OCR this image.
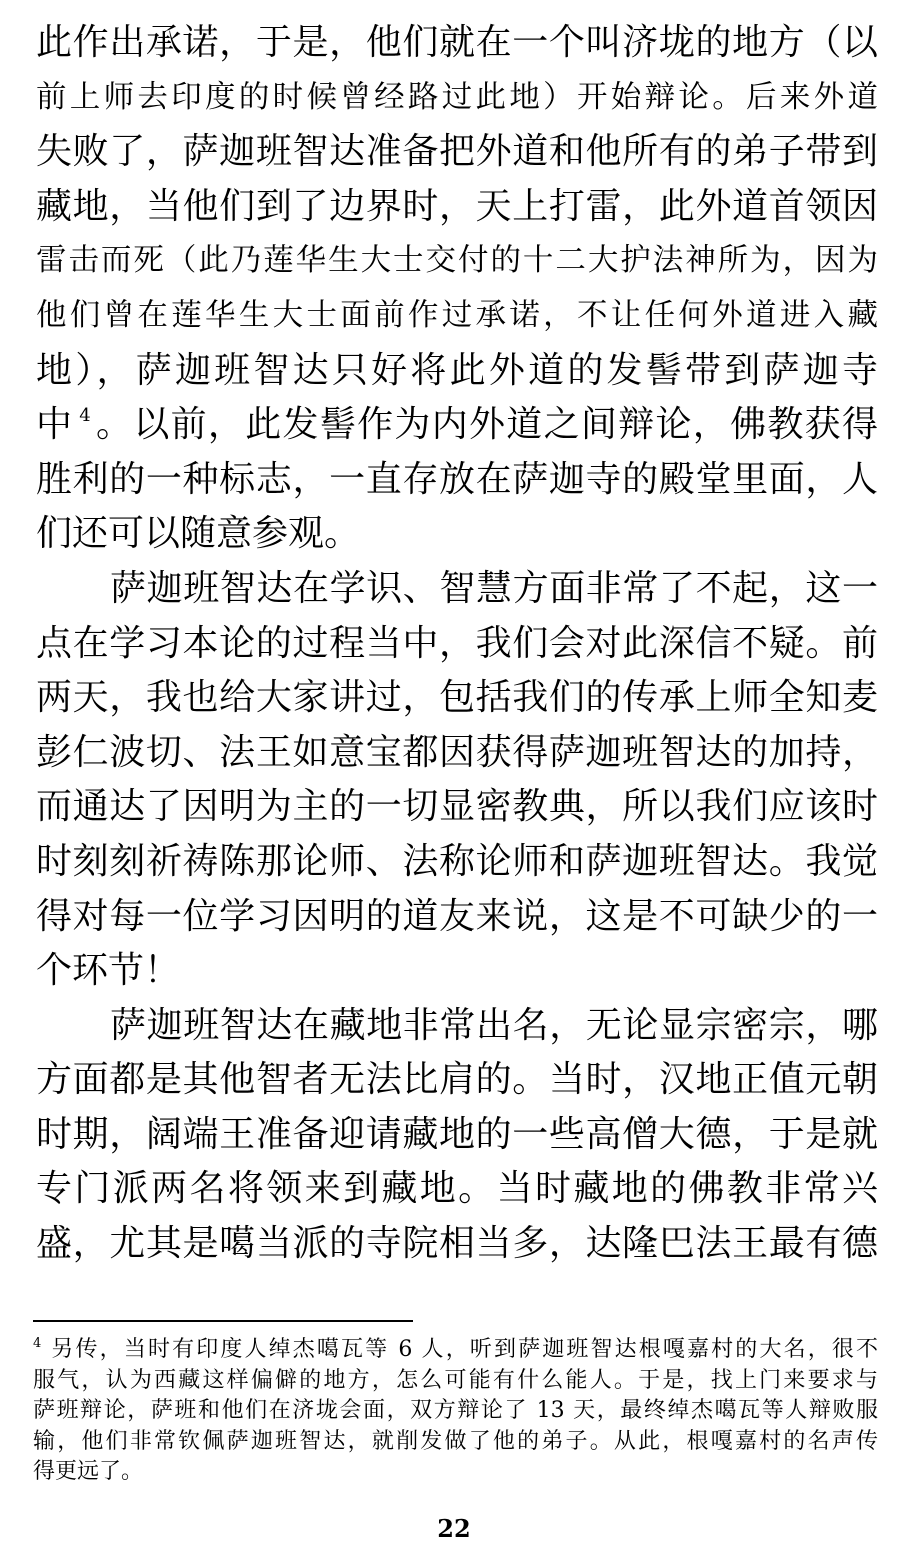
此作出承诺，于是，他们就在一个叫济垅的地方（以
前上师去印度的时候曾经路过此地）开始辩论。后来外道
失败了，萨迦班智达准备把外道和他所有的弟子带到
藏地，当他们到了边界时，天上打雷，此外道首领因
雷击而死（此乃莲华生大士交付的十二大护法神所为，因为
他们曾在莲华生大士面前作过承诺，不让任何外道进入藏
地），萨迦班智达只好将此外道的发髻带到萨迦寺
中 $^4$ 。以前，此发髻作为内外道之间辩论，佛教获得
胜利的一种标志，一直存放在萨迦寺的殿堂里面，人
们还可以随意参观。
萨迦班智达在学识、智慧方面非常了不起，这一
点在学习本论的过程当中，我们会对此深信不疑。前
两天，我也给大家讲过，包括我们的传承上师全知麦
彭仁波切、法王如意宝都因获得萨迦班智达的加持，
而通达了因明为主的一切显密教典，所以我们应该时
时刻刻祈祷陈那论师、法称论师和萨迦班智达。我觉
得对每一位学习因明的道友来说，这是不可缺少的一
个环节！
萨迦班智达在藏地非常出名，无论显宗密宗，哪
方面都是其他智者无法比肩的。当时，汉地正值元朝
时期，阔端王准备迎请藏地的一些高僧大德，于是就
专门派两名将领来到藏地。当时藏地的佛教非常兴
盛，尤其是噶当派的寺院相当多，达隆巴法王最有德
$^4$ 另传，当时有印度人绰杰噶瓦等 6 人，听到萨迦班智达根嘎嘉村的大名，很不
服气，认为西藏这样偏僻的地方，怎么可能有什么能人。于是，找上门来要求与
萨班辩论，萨班和他们在济垅会面，双方辩论了 13 天，最终绰杰噶瓦等人辩败服
输，他们非常钦佩萨迦班智达，就削发做了他的弟子。从此，根嘎嘉村的名声传
得更远了。
22
